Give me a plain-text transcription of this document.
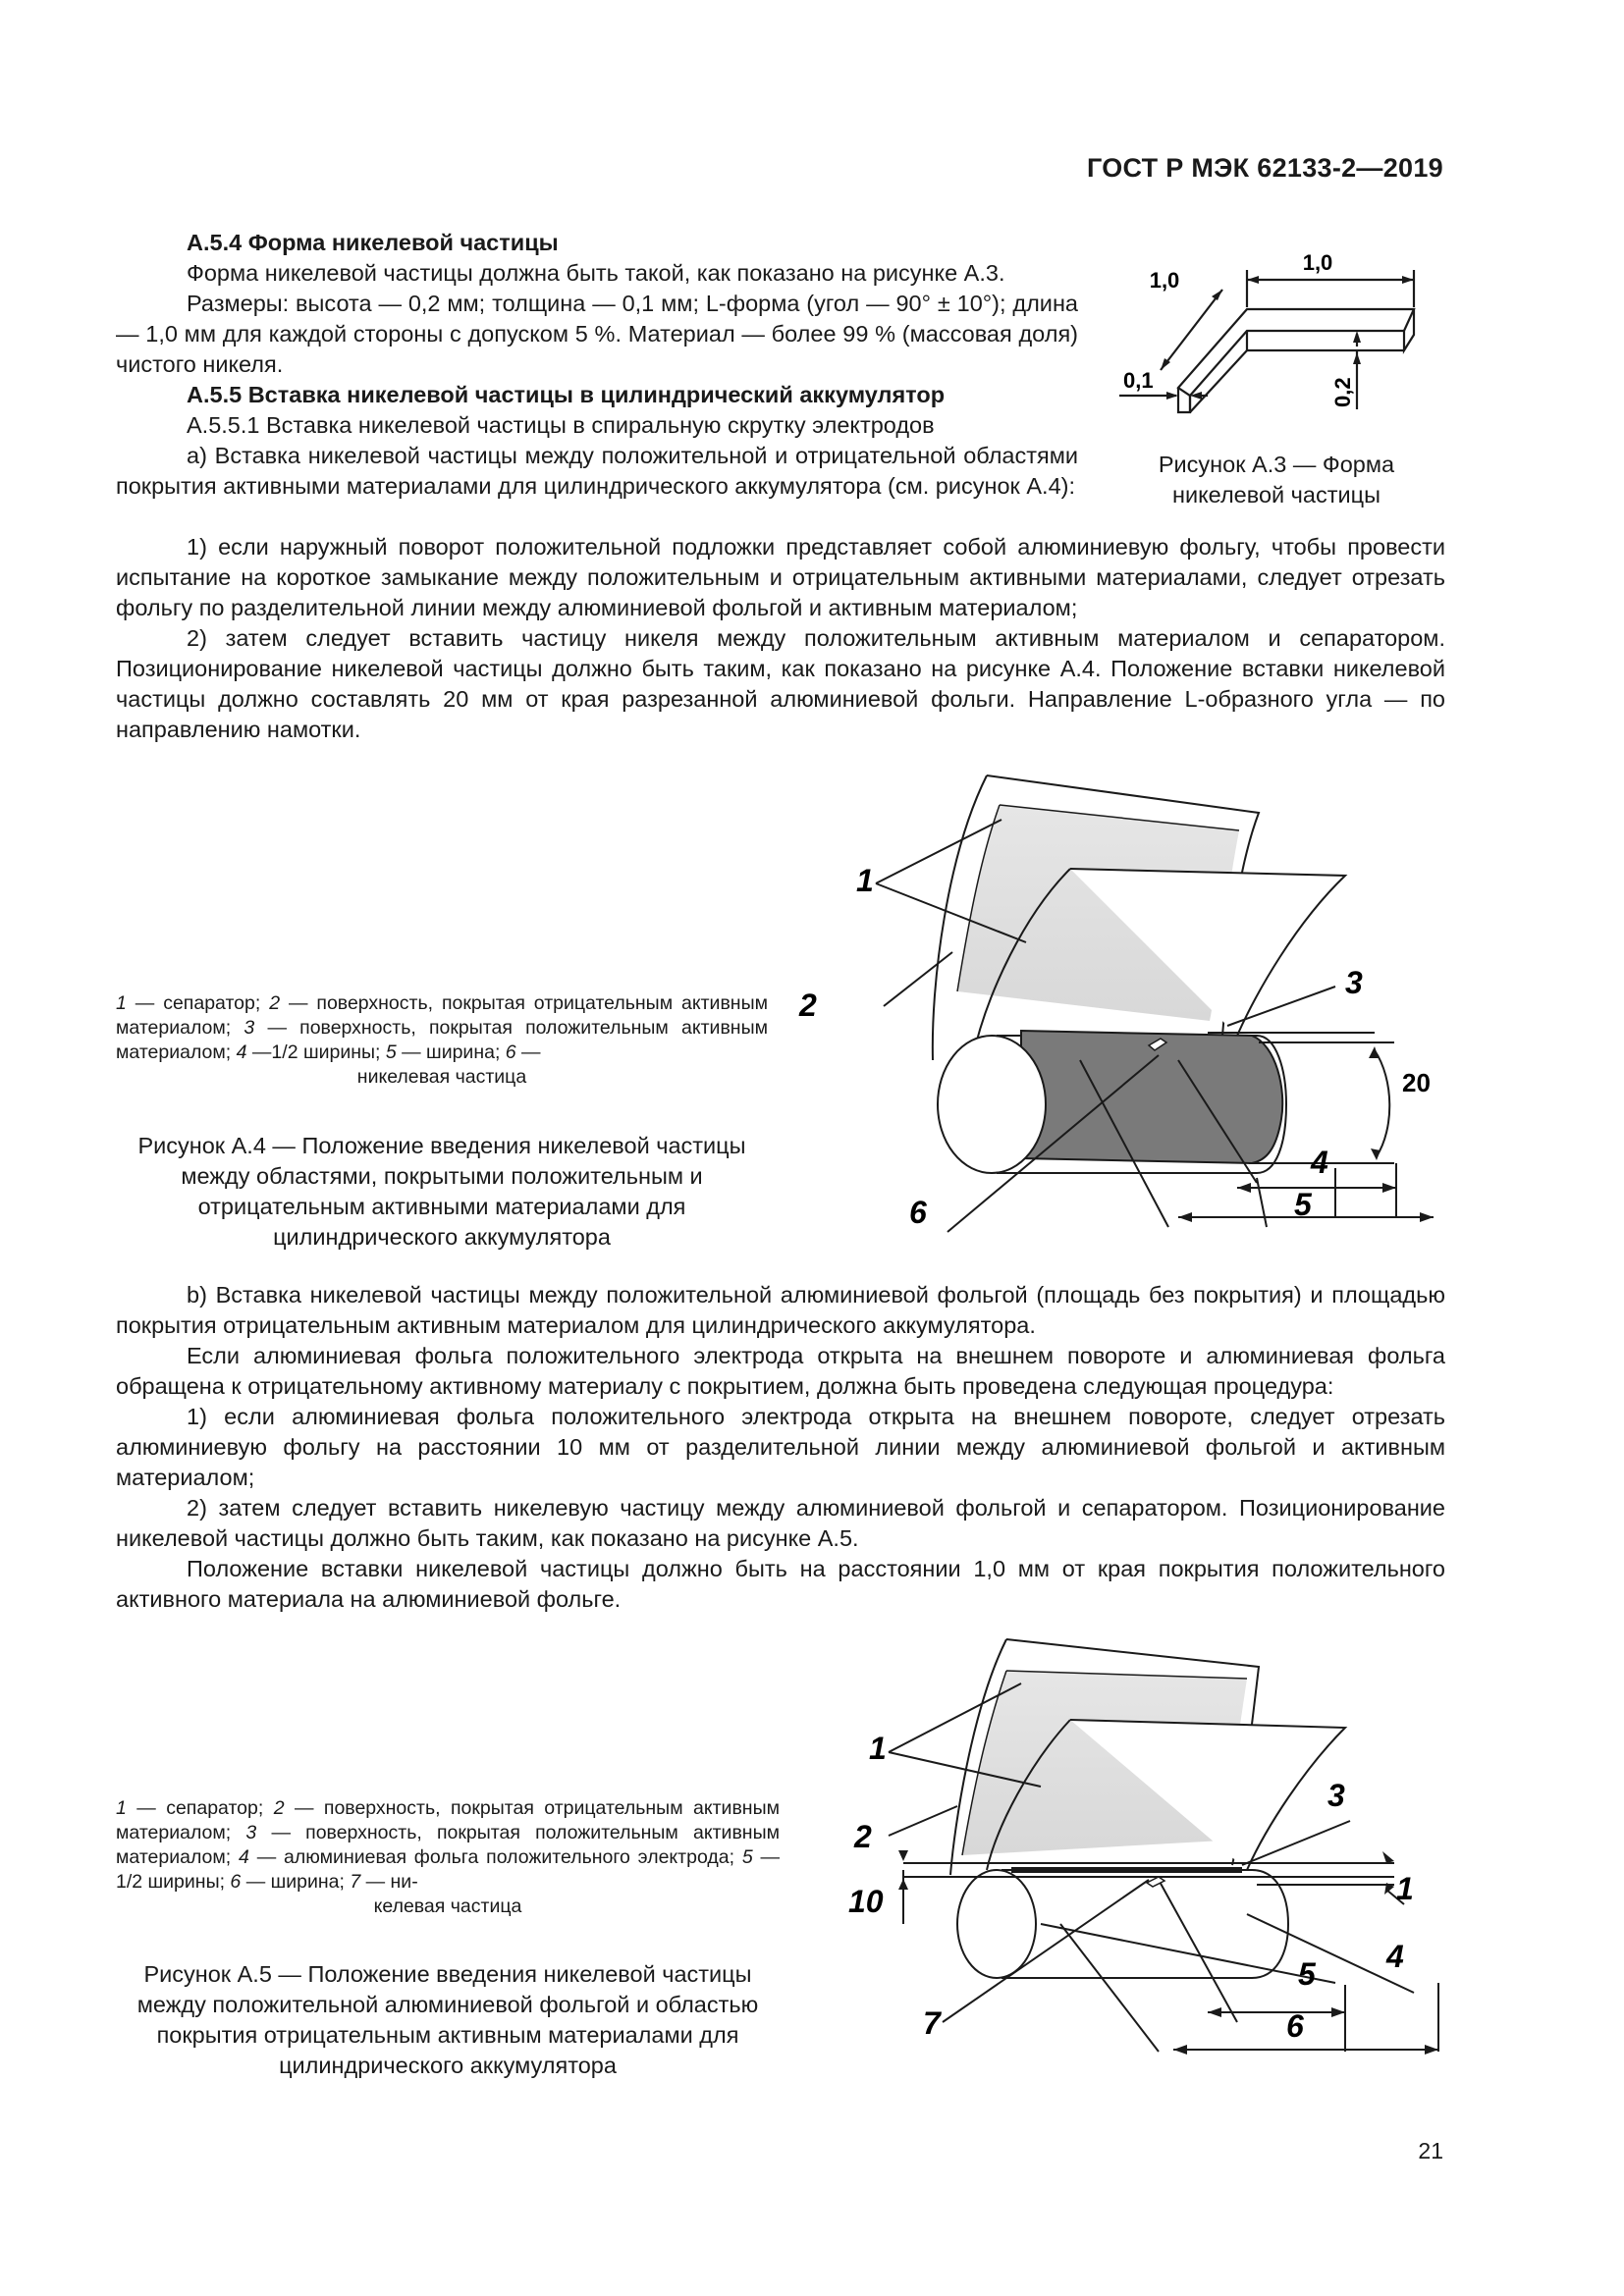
ГОСТ Р МЭК 62133-2—2019

А.5.4 Форма никелевой частицы

Форма никелевой частицы должна быть такой, как показано на рисунке А.3.

Размеры: высота — 0,2 мм; толщина — 0,1 мм; L-форма (угол — 90° ± 10°); длина — 1,0 мм для каждой стороны с допуском 5 %. Материал — более 99 % (массовая доля) чистого никеля.

А.5.5 Вставка никелевой частицы в цилиндрический аккумулятор

А.5.5.1 Вставка никелевой частицы в спиральную скрутку электродов

а) Вставка никелевой частицы между положительной и отрицательной областями покрытия активными материалами для цилиндрического аккумулятора (см. рисунок А.4):

1,0
1,0
0,1	0,2
Рисунок А.3 — Форма никелевой частицы

1) если наружный поворот положительной подложки представляет собой алюминиевую фольгу, чтобы провести испытание на короткое замыкание между положительным и отрицательным активными материалами, следует отрезать фольгу по разделительной линии между алюминиевой фольгой и активным материалом;

2) затем следует вставить частицу никеля между положительным активным материалом и сепаратором. Позиционирование никелевой частицы должно быть таким, как показано на рисунке А.4. Положение вставки никелевой частицы должно составлять 20 мм от края разрезанной алюминиевой фольги. Направление L-образного угла — по направлению намотки.

1 — сепаратор; 2 — поверхность, покрытая отрицательным активным материалом; 3 — поверхность, покрытая положительным активным материалом; 4 —1/2 ширины; 5 — ширина; 6 —
никелевая частица
Рисунок А.4 — Положение введения никелевой частицы между областями, покрытыми положительным и отрицательным активными материалами для цилиндрического аккумулятора
1
2
3
4
5
6
20

b) Вставка никелевой частицы между положительной алюминиевой фольгой (площадь без покрытия) и площадью покрытия отрицательным активным материалом для цилиндрического аккумулятора.

Если алюминиевая фольга положительного электрода открыта на внешнем повороте и алюминиевая фольга обращена к отрицательному активному материалу с покрытием, должна быть проведена следующая процедура:

1) если алюминиевая фольга положительного электрода открыта на внешнем повороте, следует отрезать алюминиевую фольгу на расстоянии 10 мм от разделительной линии между алюминиевой фольгой и активным материалом;

2) затем следует вставить никелевую частицу между алюминиевой фольгой и сепаратором. Позиционирование никелевой частицы должно быть таким, как показано на рисунке А.5.

Положение вставки никелевой частицы должно быть на расстоянии 1,0 мм от края покрытия положительного активного материала на алюминиевой фольге.

1 — сепаратор; 2 — поверхность, покрытая отрицательным активным материалом; 3 — поверхность, покрытая положительным активным материалом; 4 — алюминиевая фольга положительного электрода; 5 — 1/2 ширины; 6 — ширина; 7 — ни-
келевая частица
Рисунок А.5 — Положение введения никелевой частицы между положительной алюминиевой фольгой и областью покрытия отрицательным активным материалами для цилиндрического аккумулятора
1
2
3
4
5
6
7
10	1
21
